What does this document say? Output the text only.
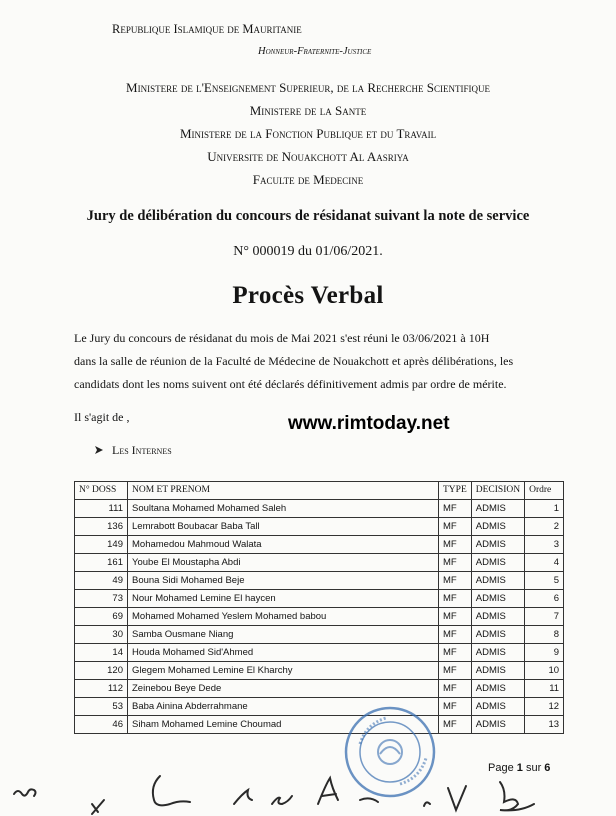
Republique Islamique de Mauritanie
Honneur-Fraternite-Justice
Ministere de l'Enseignement Superieur, de la Recherche Scientifique
Ministere de la Sante
Ministere de la Fonction Publique et du Travail
Universite de Nouakchott Al Aasriya
Faculte de Medecine
Jury de délibération du concours de résidanat suivant la note de service
N° 000019 du 01/06/2021.
Procès Verbal

Le Jury du concours de résidanat du mois de Mai 2021 s'est réuni le 03/06/2021 à 10H

dans la salle de réunion de la Faculté de Médecine de Nouakchott et après délibérations, les

candidats dont les noms suivent ont été déclarés définitivement admis par ordre de mérite.

Il s'agit de ,	www.rimtoday.net
Les Internes
N° DOSS	NOM ET PRENOM	TYPE	DECISION	Ordre
111	Soultana Mohamed Mohamed Saleh	MF	ADMIS	1
136	Lemrabott Boubacar Baba Tall	MF	ADMIS	2
149	Mohamedou Mahmoud Walata	MF	ADMIS	3
161	Yoube El Moustapha Abdi	MF	ADMIS	4
49	Bouna Sidi Mohamed Beje	MF	ADMIS	5
73	Nour Mohamed Lemine El haycen	MF	ADMIS	6
69	Mohamed Mohamed Yeslem Mohamed babou	MF	ADMIS	7
30	Samba Ousmane Niang	MF	ADMIS	8
14	Houda Mohamed Sid'Ahmed	MF	ADMIS	9
120	Glegem Mohamed Lemine El Kharchy	MF	ADMIS	10
112	Zeinebou Beye Dede	MF	ADMIS	11
53	Baba Ainina Abderrahmane	MF	ADMIS	12
46	Siham Mohamed Lemine Choumad	MF	ADMIS	13
Page 1 sur 6
